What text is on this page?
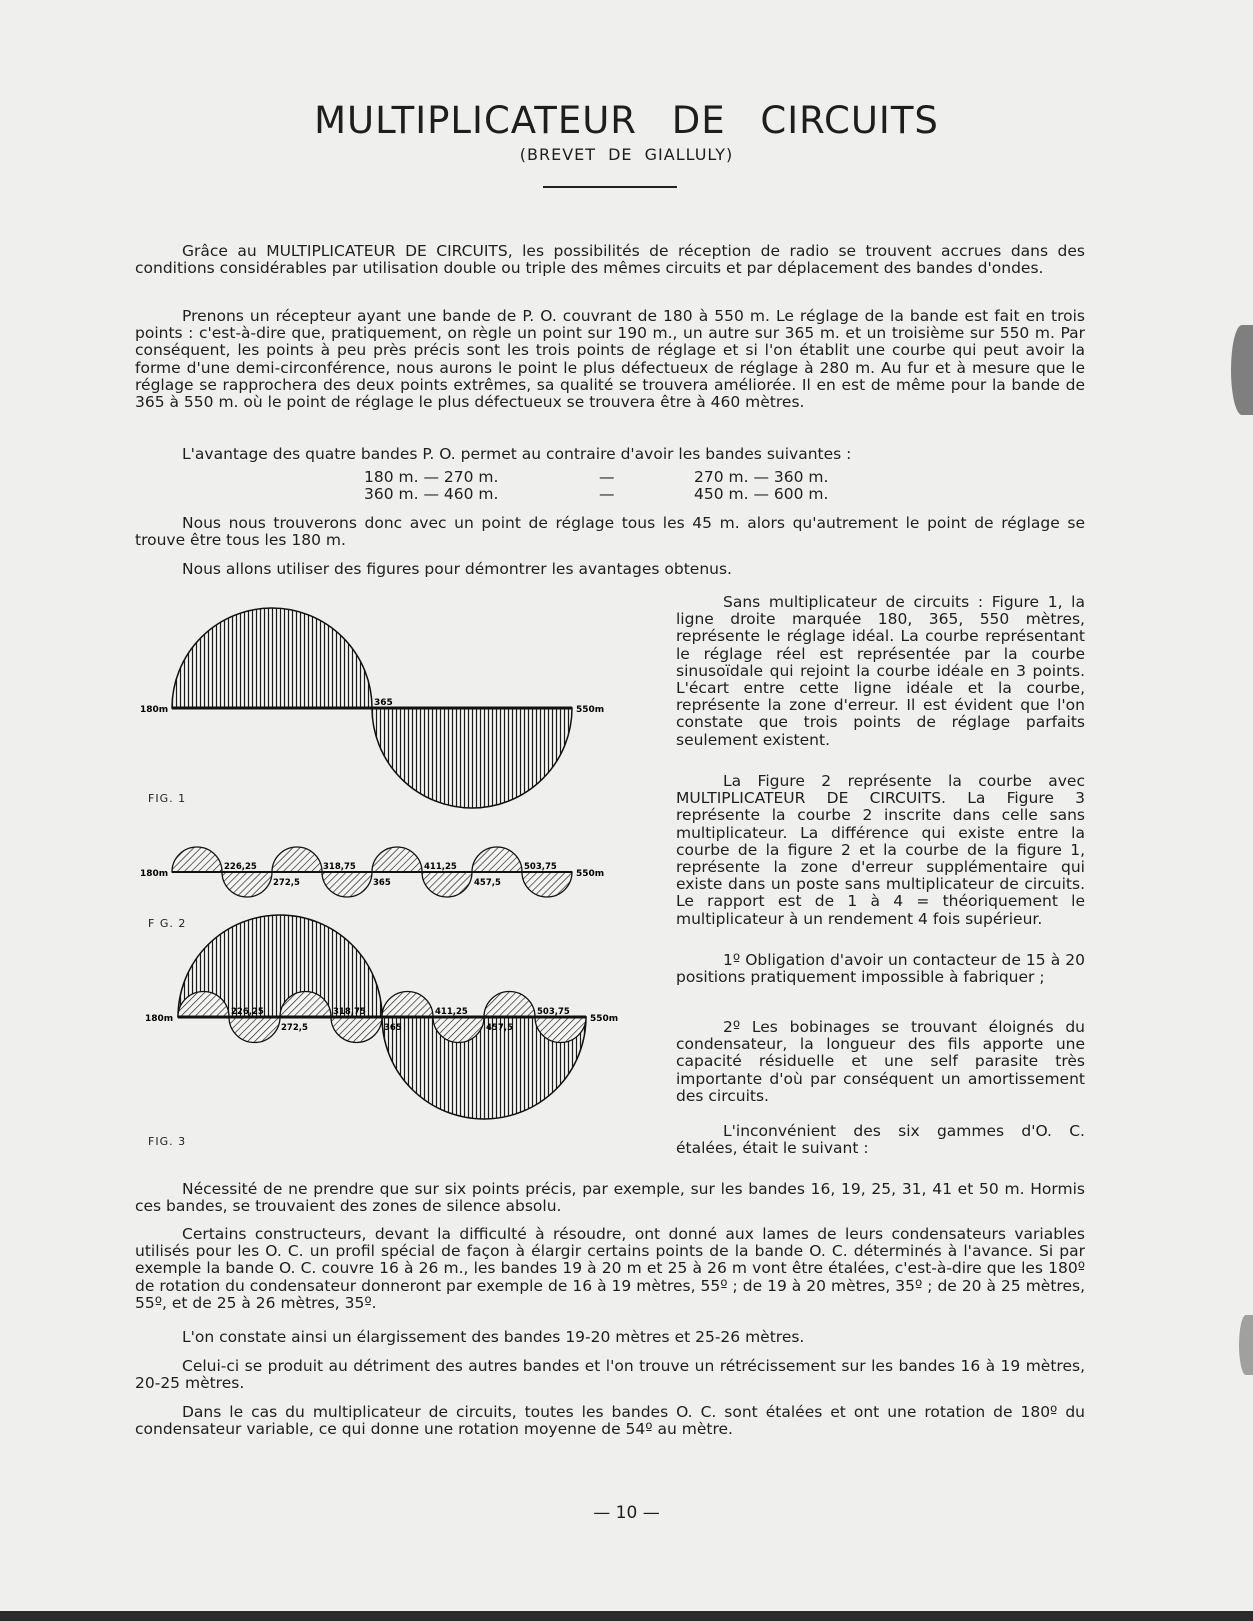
MULTIPLICATEUR DE CIRCUITS
(BREVET DE GIALLULY)

Grâce au MULTIPLICATEUR DE CIRCUITS, les possibilités de réception de radio se trouvent accrues dans des conditions considérables par utilisation double ou triple des mêmes circuits et par déplacement des bandes d'ondes.

Prenons un récepteur ayant une bande de P. O. couvrant de 180 à 550 m. Le réglage de la bande est fait en trois points : c'est-à-dire que, pratiquement, on règle un point sur 190 m., un autre sur 365 m. et un troisième sur 550 m. Par conséquent, les points à peu près précis sont les trois points de réglage et si l'on établit une courbe qui peut avoir la forme d'une demi-circonférence, nous aurons le point le plus défectueux de réglage à 280 m. Au fur et à mesure que le réglage se rapprochera des deux points extrêmes, sa qualité se trouvera améliorée. Il en est de même pour la bande de 365 à 550 m. où le point de réglage le plus défectueux se trouvera être à 460 mètres.

L'avantage des quatre bandes P. O. permet au contraire d'avoir les bandes suivantes :

180 m. — 270 m.	—	270 m. — 360 m.
360 m. — 460 m.	—	450 m. — 600 m.

Nous nous trouverons donc avec un point de réglage tous les 45 m. alors qu'autrement le point de réglage se trouve être tous les 180 m.

Nous allons utiliser des figures pour démontrer les avantages obtenus.

Sans multiplicateur de circuits : Figure 1, la ligne droite marquée 180, 365, 550 mètres, représente le réglage idéal. La courbe représentant le réglage réel est représentée par la courbe sinusoïdale qui rejoint la courbe idéale en 3 points. L'écart entre cette ligne idéale et la courbe, représente la zone d'erreur. Il est évident que l'on constate que trois points de réglage parfaits seulement existent.

La Figure 2 représente la courbe avec MULTIPLICATEUR DE CIRCUITS. La Figure 3 représente la courbe 2 inscrite dans celle sans multiplicateur. La différence qui existe entre la courbe de la figure 2 et la courbe de la figure 1, représente la zone d'erreur supplémentaire qui existe dans un poste sans multiplicateur de circuits. Le rapport est de 1 à 4 = théoriquement le multiplicateur à un rendement 4 fois supérieur.

1º Obligation d'avoir un contacteur de 15 à 20 positions pratiquement impossible à fabriquer ;

2º Les bobinages se trouvant éloignés du condensateur, la longueur des fils apporte une capacité résiduelle et une self parasite très importante d'où par conséquent un amortissement des circuits.

L'inconvénient des six gammes d'O. C. étalées, était le suivant :

180m
365
550m
180m	550m
226,25
272,5
318,75
365
411,25
457,5
503,75
180m	550m
226,25
272,5
318,75
365
411,25
457,5
503,75
FIG. 1
F G. 2
FIG. 3

Nécessité de ne prendre que sur six points précis, par exemple, sur les bandes 16, 19, 25, 31, 41 et 50 m. Hormis ces bandes, se trouvaient des zones de silence absolu.

Certains constructeurs, devant la difficulté à résoudre, ont donné aux lames de leurs condensateurs variables utilisés pour les O. C. un profil spécial de façon à élargir certains points de la bande O. C. déterminés à l'avance. Si par exemple la bande O. C. couvre 16 à 26 m., les bandes 19 à 20 m et 25 à 26 m vont être étalées, c'est-à-dire que les 180º de rotation du condensateur donneront par exemple de 16 à 19 mètres, 55º ; de 19 à 20 mètres, 35º ; de 20 à 25 mètres, 55º, et de 25 à 26 mètres, 35º.

L'on constate ainsi un élargissement des bandes 19-20 mètres et 25-26 mètres.

Celui-ci se produit au détriment des autres bandes et l'on trouve un rétrécissement sur les bandes 16 à 19 mètres, 20-25 mètres.

Dans le cas du multiplicateur de circuits, toutes les bandes O. C. sont étalées et ont une rotation de 180º du condensateur variable, ce qui donne une rotation moyenne de 54º au mètre.

— 10 —
